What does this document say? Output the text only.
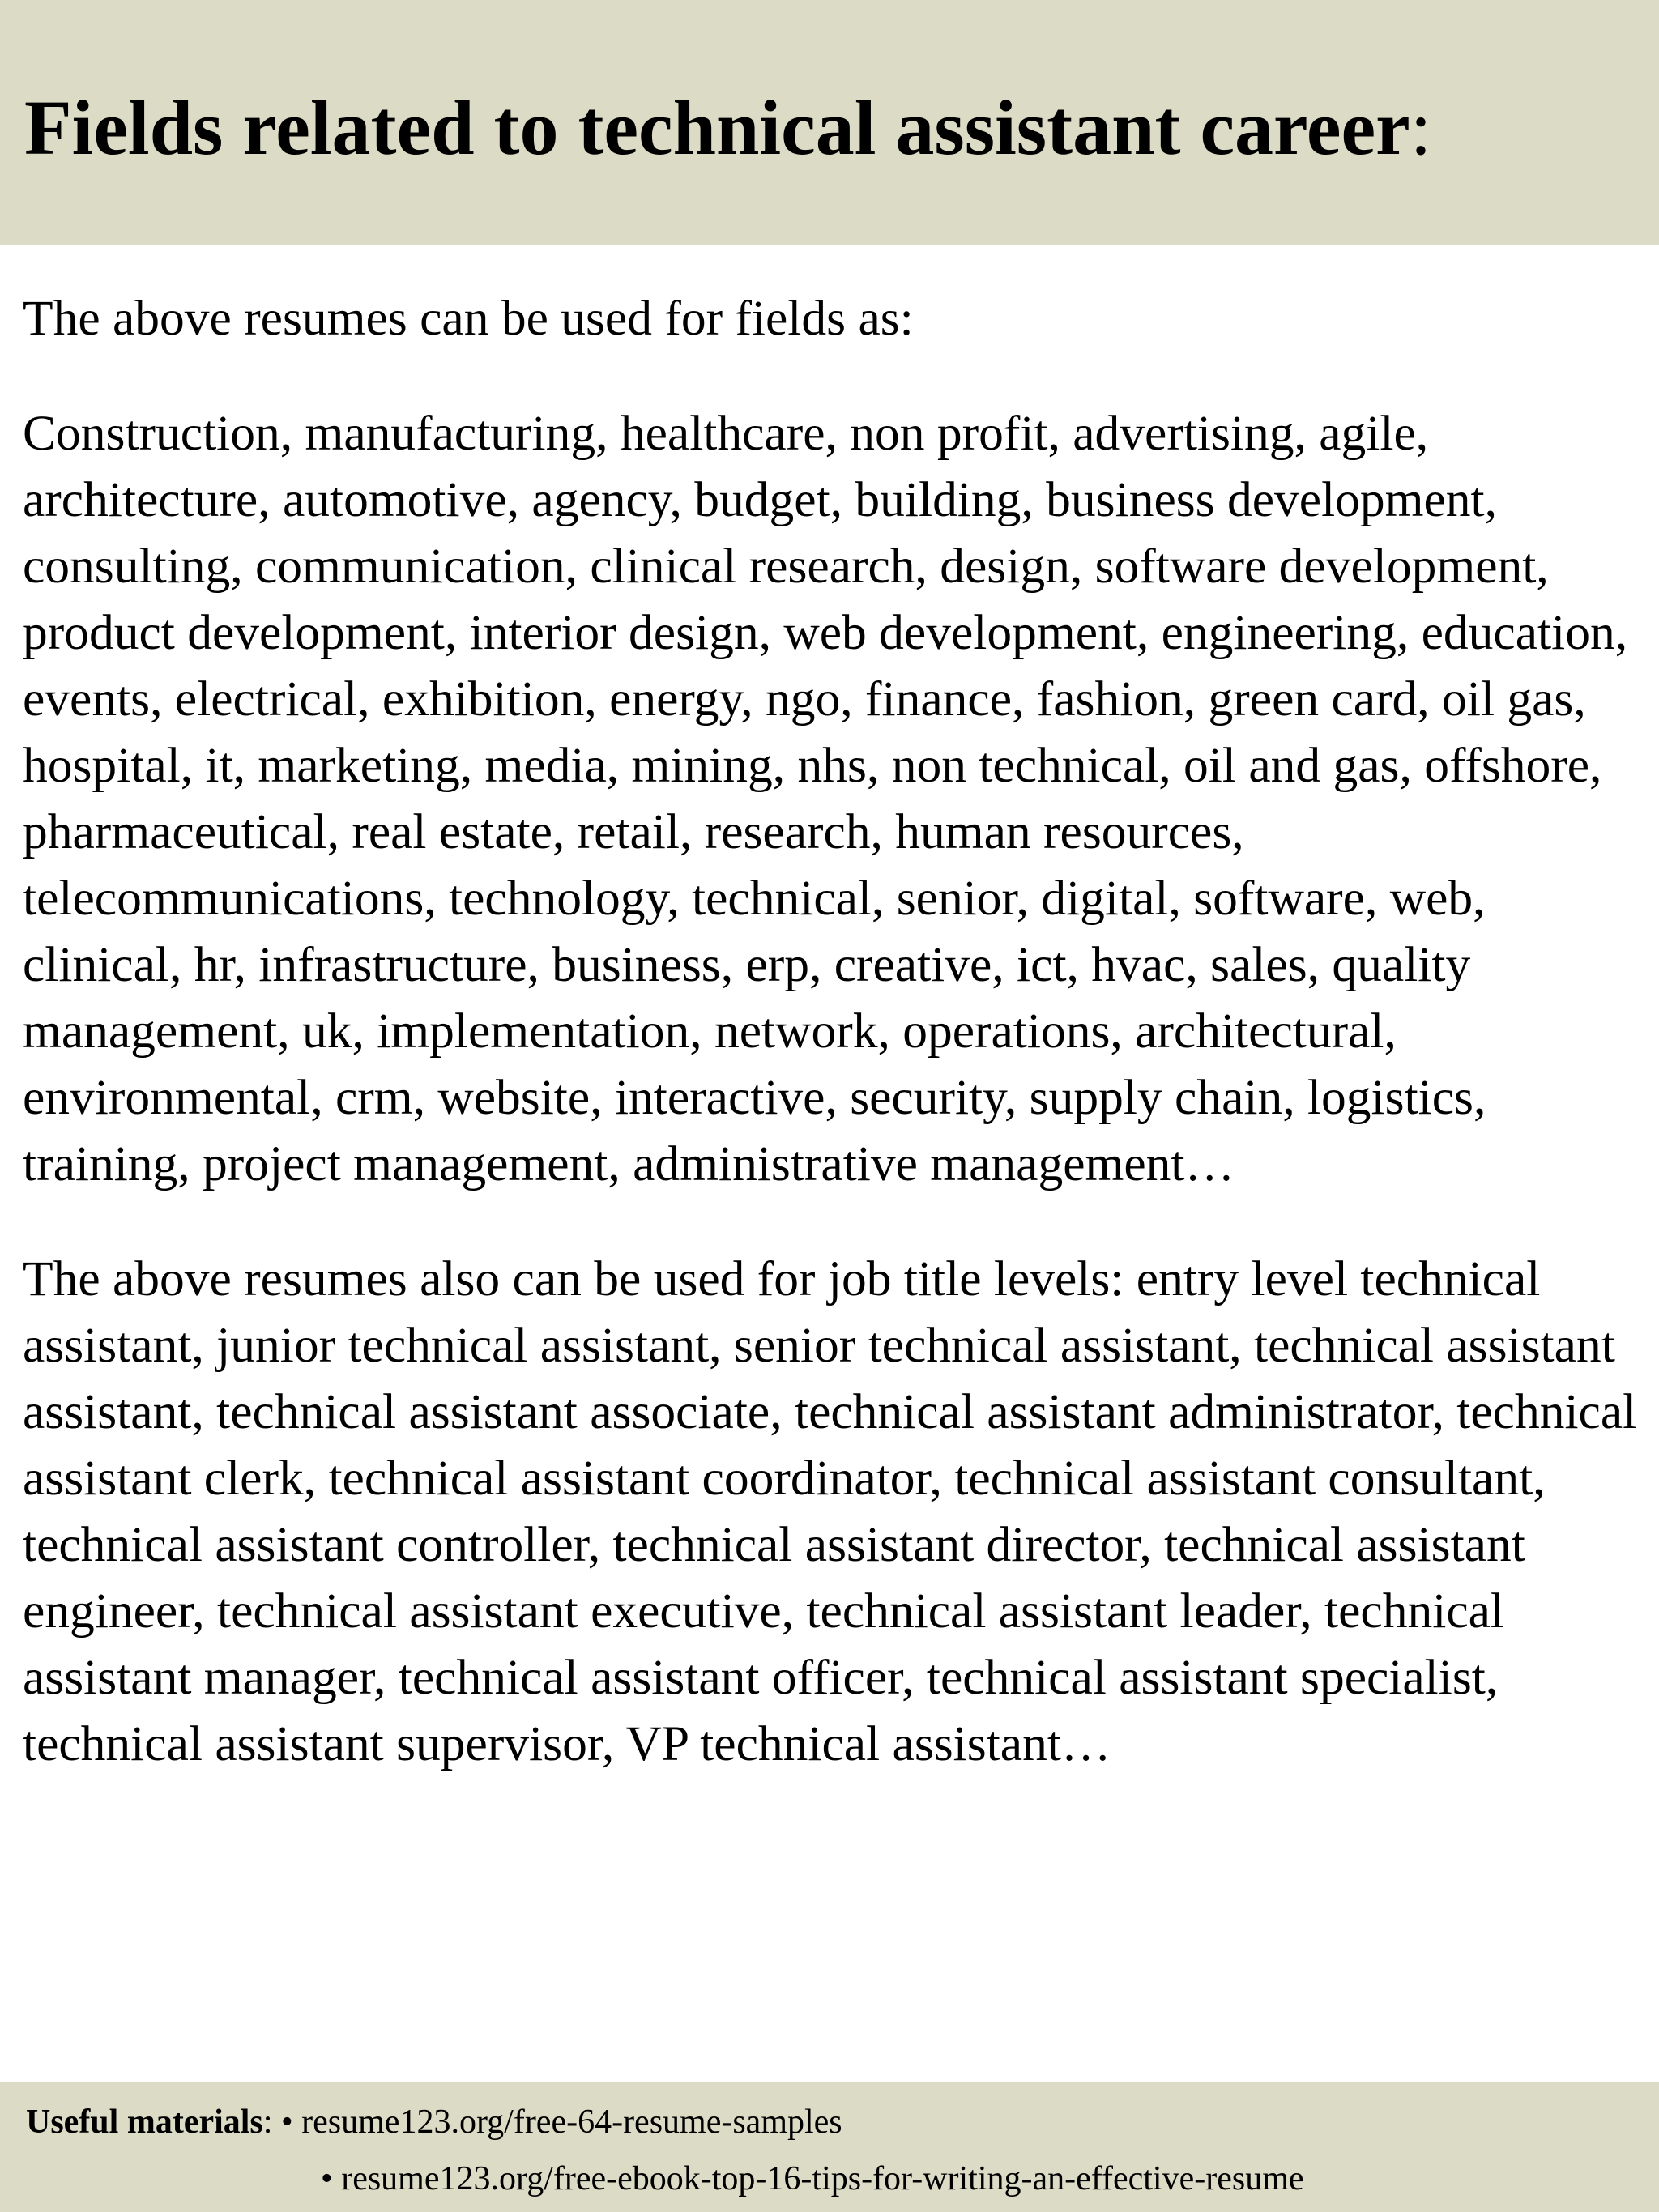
Fields related to technical assistant career:

The above resumes can be used for fields as:

Construction, manufacturing, healthcare, non profit, advertising, agile, architecture, automotive, agency, budget, building, business development, consulting, communication, clinical research, design, software development, product development, interior design, web development, engineering, education, events, electrical, exhibition, energy, ngo, finance, fashion, green card, oil gas, hospital, it, marketing, media, mining, nhs, non technical, oil and gas, offshore, pharmaceutical, real estate, retail, research, human resources, telecommunications, technology, technical, senior, digital, software, web, clinical, hr, infrastructure, business, erp, creative, ict, hvac, sales, quality management, uk, implementation, network, operations, architectural, environmental, crm, website, interactive, security, supply chain, logistics, training, project management, administrative management…

The above resumes also can be used for job title levels: entry level technical assistant, junior technical assistant, senior technical assistant, technical assistant assistant, technical assistant associate, technical assistant administrator, technical assistant clerk, technical assistant coordinator, technical assistant consultant, technical assistant controller, technical assistant director, technical assistant engineer, technical assistant executive, technical assistant leader, technical assistant manager, technical assistant officer, technical assistant specialist, technical assistant supervisor, VP technical assistant…

Useful materials: • resume123.org/free-64-resume-samples
• resume123.org/free-ebook-top-16-tips-for-writing-an-effective-resume
